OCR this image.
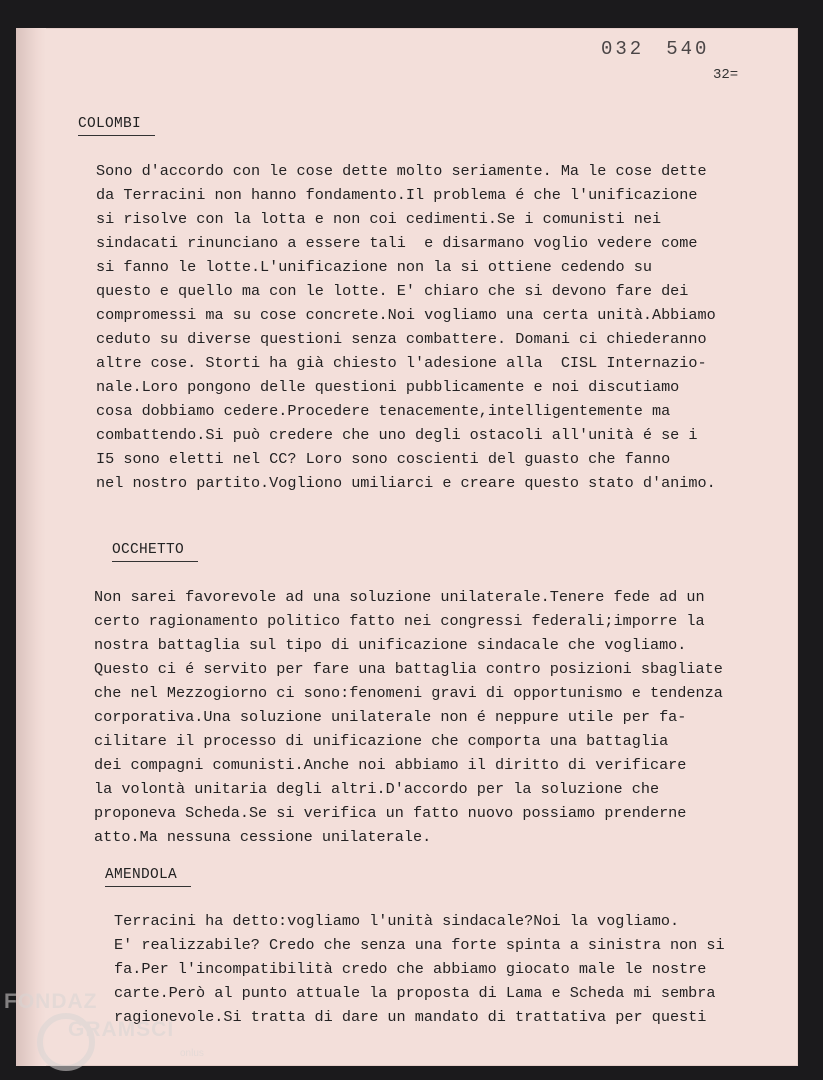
032 540
32=
COLOMBI
Sono d'accordo con le cose dette molto seriamente. Ma le cose dette
da Terracini non hanno fondamento.Il problema é che l'unificazione
si risolve con la lotta e non coi cedimenti.Se i comunisti nei
sindacati rinunciano a essere tali  e disarmano voglio vedere come
si fanno le lotte.L'unificazione non la si ottiene cedendo su
questo e quello ma con le lotte. E' chiaro che si devono fare dei
compromessi ma su cose concrete.Noi vogliamo una certa unità.Abbiamo
ceduto su diverse questioni senza combattere. Domani ci chiederanno
altre cose. Storti ha già chiesto l'adesione alla  CISL Internazio-
nale.Loro pongono delle questioni pubblicamente e noi discutiamo
cosa dobbiamo cedere.Procedere tenacemente,intelligentemente ma
combattendo.Si può credere che uno degli ostacoli all'unità é se i
I5 sono eletti nel CC? Loro sono coscienti del guasto che fanno
nel nostro partito.Vogliono umiliarci e creare questo stato d'animo.
OCCHETTO
Non sarei favorevole ad una soluzione unilaterale.Tenere fede ad un
certo ragionamento politico fatto nei congressi federali;imporre la
nostra battaglia sul tipo di unificazione sindacale che vogliamo.
Questo ci é servito per fare una battaglia contro posizioni sbagliate
che nel Mezzogiorno ci sono:fenomeni gravi di opportunismo e tendenza
corporativa.Una soluzione unilaterale non é neppure utile per fa-
cilitare il processo di unificazione che comporta una battaglia
dei compagni comunisti.Anche noi abbiamo il diritto di verificare
la volontà unitaria degli altri.D'accordo per la soluzione che
proponeva Scheda.Se si verifica un fatto nuovo possiamo prenderne
atto.Ma nessuna cessione unilaterale.
AMENDOLA
Terracini ha detto:vogliamo l'unità sindacale?Noi la vogliamo.
E' realizzabile? Credo che senza una forte spinta a sinistra non si
fa.Per l'incompatibilità credo che abbiamo giocato male le nostre
carte.Però al punto attuale la proposta di Lama e Scheda mi sembra
ragionevole.Si tratta di dare un mandato di trattativa per questi
FONDAZ
GRAMSCI
onlus
